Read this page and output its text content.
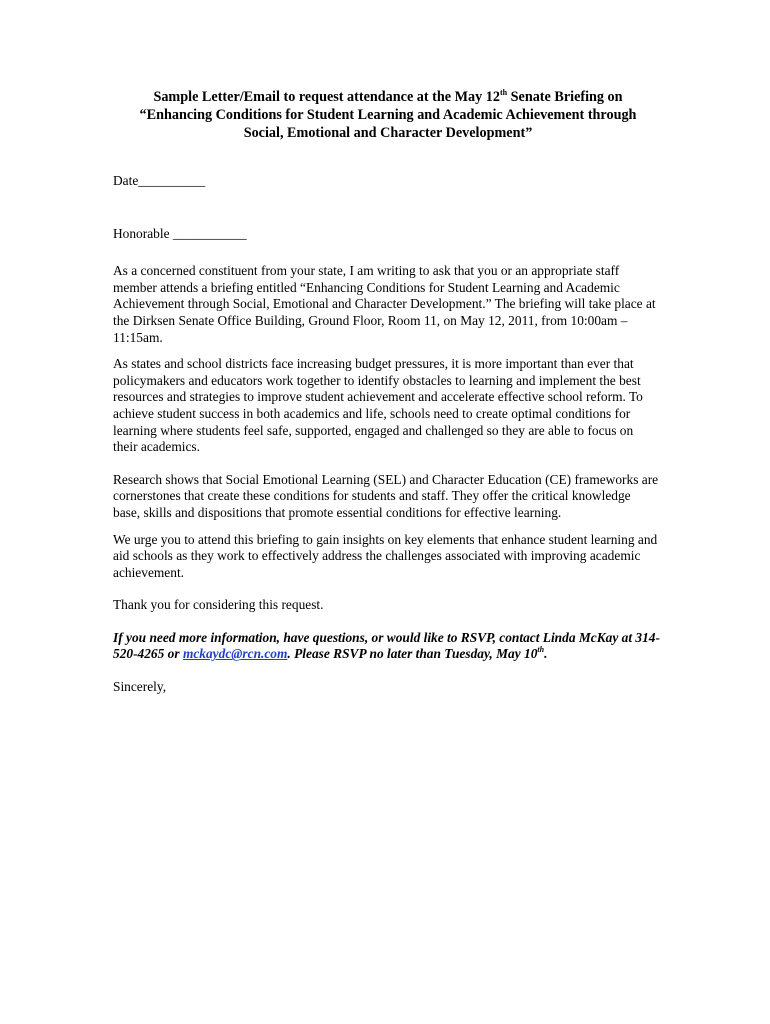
Sample Letter/Email to request attendance at the May 12th Senate Briefing on
“Enhancing Conditions for Student Learning and Academic Achievement through
Social, Emotional and Character Development”

Date__________

Honorable ___________

As a concerned constituent from your state, I am writing to ask that you or an appropriate staff member attends a briefing entitled “Enhancing Conditions for Student Learning and Academic Achievement through Social, Emotional and Character Development.” The briefing will take place at the Dirksen Senate Office Building, Ground Floor, Room 11, on May 12, 2011, from 10:00am – 11:15am.

As states and school districts face increasing budget pressures, it is more important than ever that policymakers and educators work together to identify obstacles to learning and implement the best resources and strategies to improve student achievement and accelerate effective school reform. To achieve student success in both academics and life, schools need to create optimal conditions for learning where students feel safe, supported, engaged and challenged so they are able to focus on their academics.

Research shows that Social Emotional Learning (SEL) and Character Education (CE) frameworks are cornerstones that create these conditions for students and staff. They offer the critical knowledge base, skills and dispositions that promote essential conditions for effective learning.

We urge you to attend this briefing to gain insights on key elements that enhance student learning and aid schools as they work to effectively address the challenges associated with improving academic achievement.

Thank you for considering this request.

If you need more information, have questions, or would like to RSVP, contact Linda McKay at 314-520-4265 or mckaydc@rcn.com. Please RSVP no later than Tuesday, May 10th.

Sincerely,
